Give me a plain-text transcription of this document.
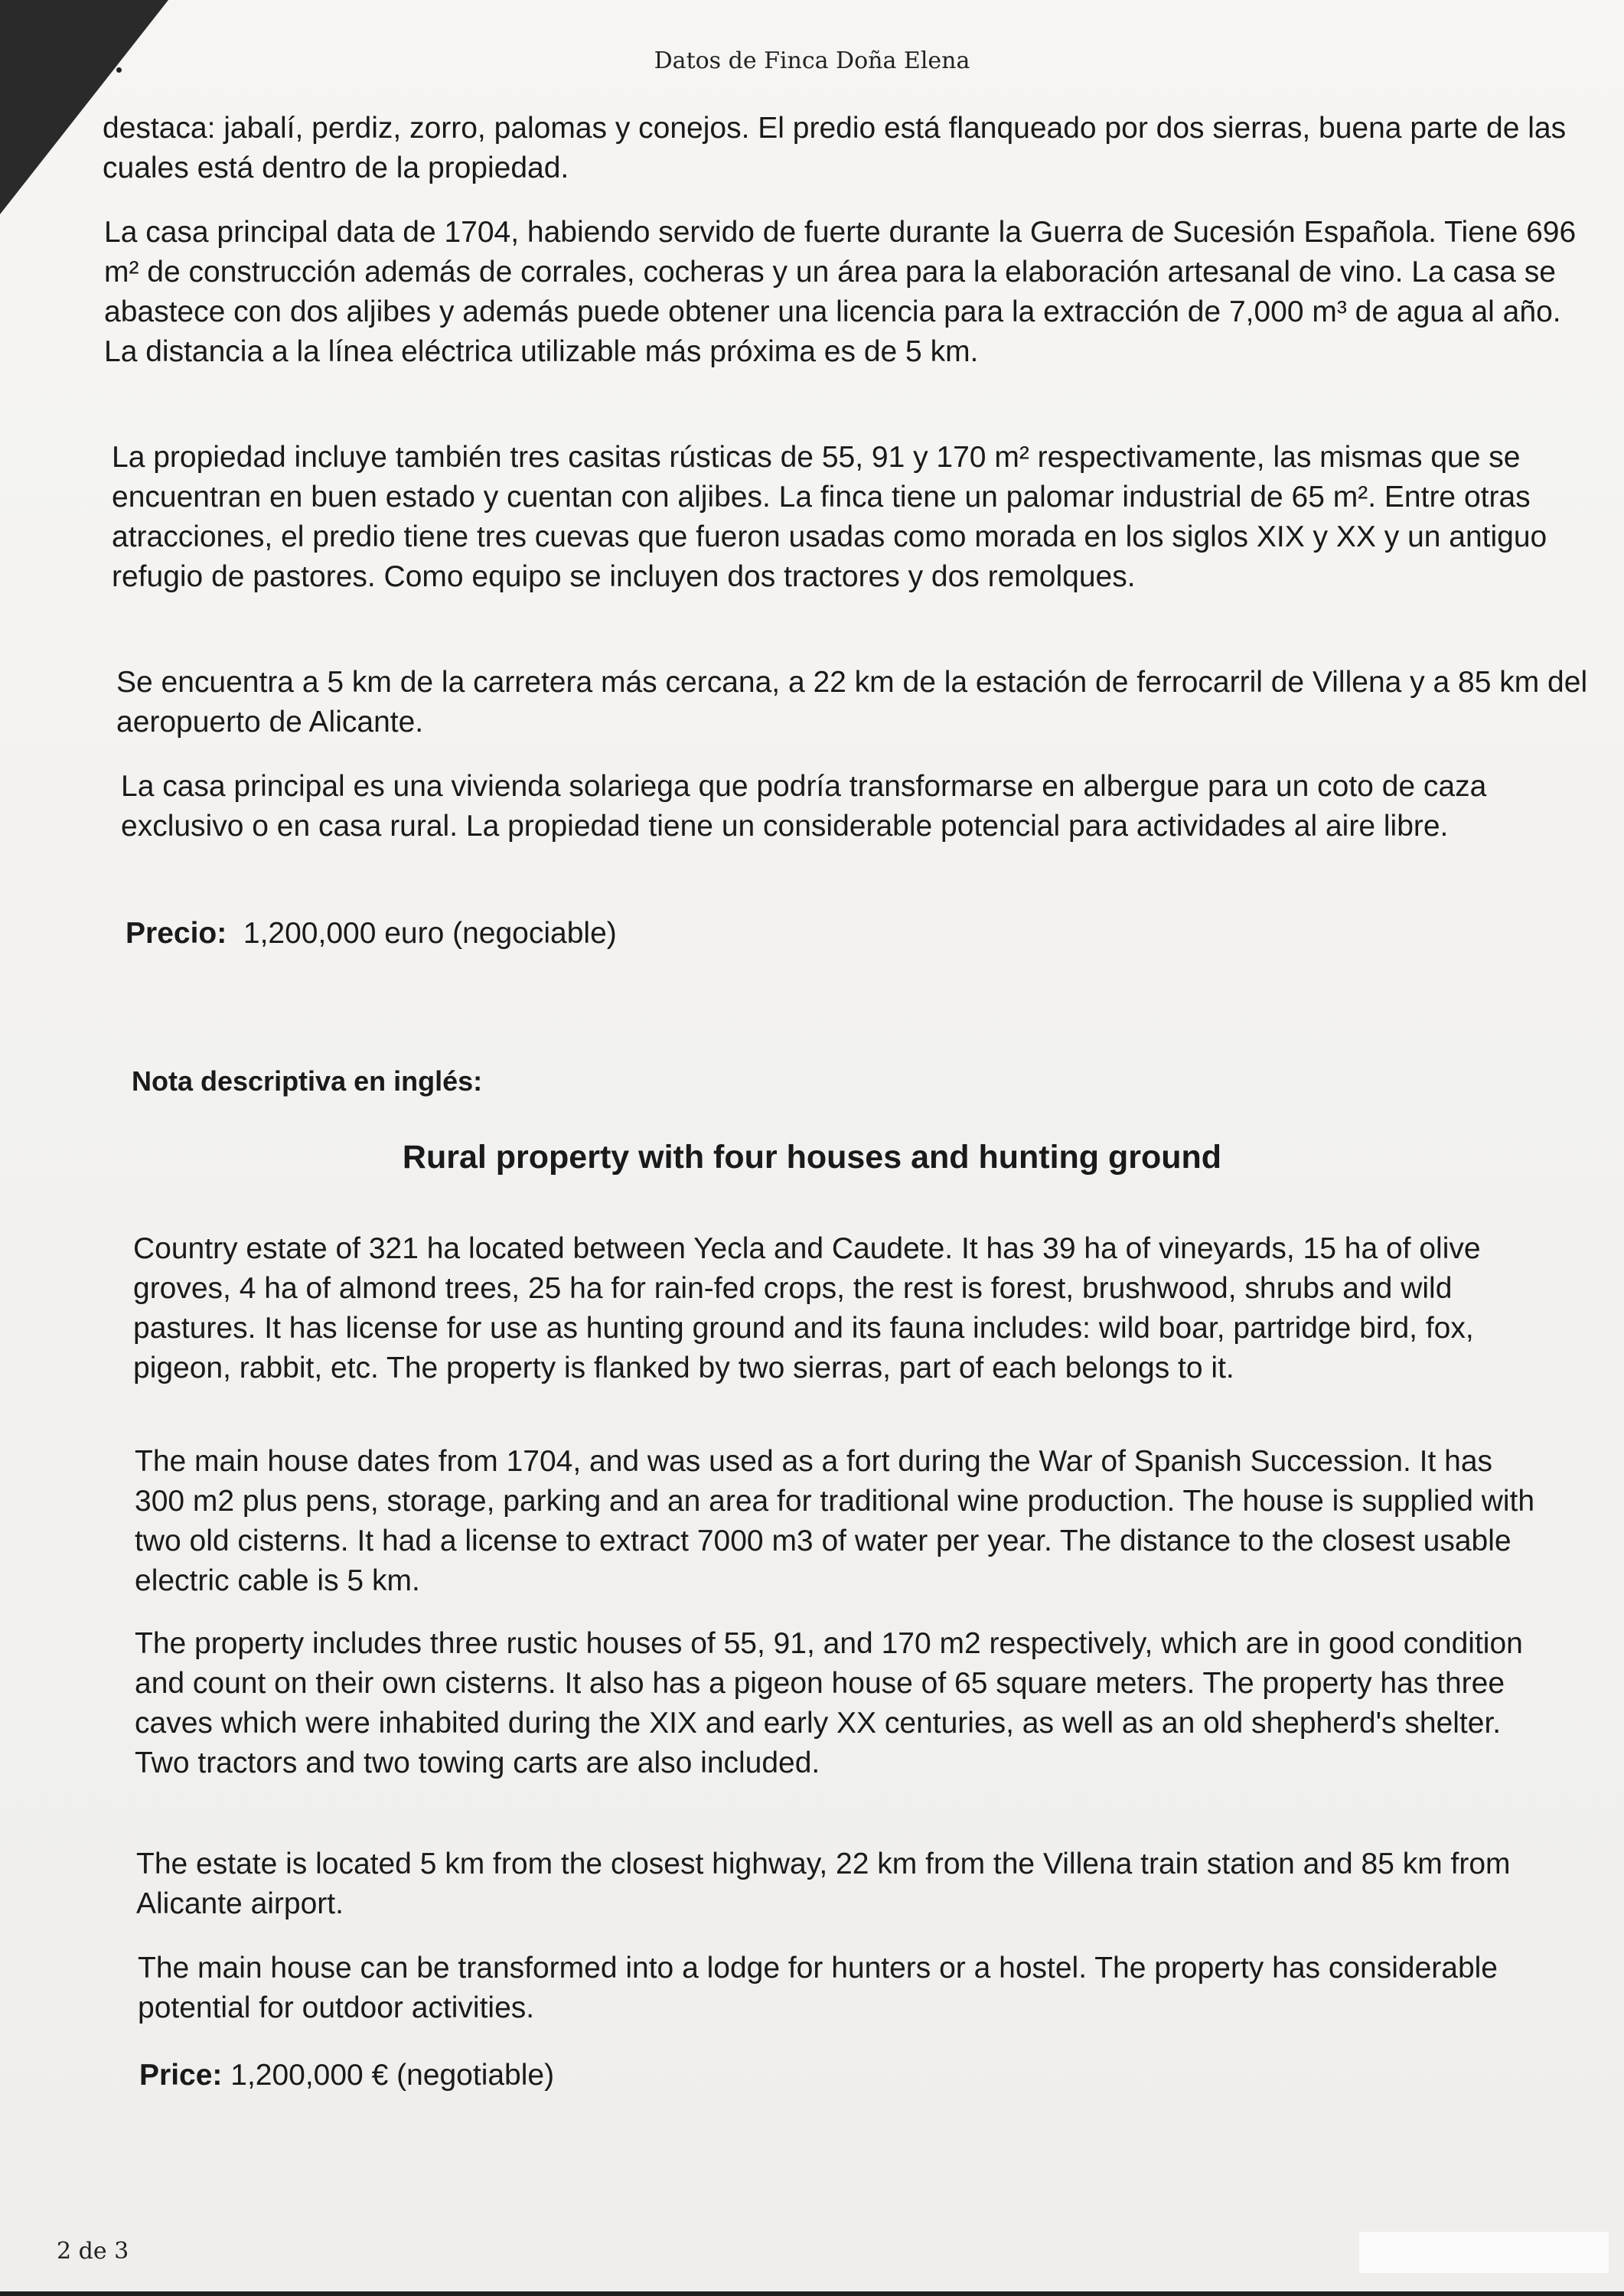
Datos de Finca Doña Elena

destaca: jabalí, perdiz, zorro, palomas y conejos. El predio está flanqueado por dos sierras, buena parte de las cuales está dentro de la propiedad.

La casa principal data de 1704, habiendo servido de fuerte durante la Guerra de Sucesión Española. Tiene 696 m² de construcción además de corrales, cocheras y un área para la elaboración artesanal de vino. La casa se abastece con dos aljibes y además puede obtener una licencia para la extracción de 7,000 m³ de agua al año. La distancia a la línea eléctrica utilizable más próxima es de 5 km.

La propiedad incluye también tres casitas rústicas de 55, 91 y 170 m² respectivamente, las mismas que se encuentran en buen estado y cuentan con aljibes. La finca tiene un palomar industrial de 65 m². Entre otras atracciones, el predio tiene tres cuevas que fueron usadas como morada en los siglos XIX y XX y un antiguo refugio de pastores. Como equipo se incluyen dos tractores y dos remolques.

Se encuentra a 5 km de la carretera más cercana, a 22 km de la estación de ferrocarril de Villena y a 85 km del aeropuerto de Alicante.

La casa principal es una vivienda solariega que podría transformarse en albergue para un coto de caza exclusivo o en casa rural. La propiedad tiene un considerable potencial para actividades al aire libre.

Precio: 1,200,000 euro (negociable)

Nota descriptiva en inglés:

Rural property with four houses and hunting ground

Country estate of 321 ha located between Yecla and Caudete. It has 39 ha of vineyards, 15 ha of olive groves, 4 ha of almond trees, 25 ha for rain-fed crops, the rest is forest, brushwood, shrubs and wild pastures. It has license for use as hunting ground and its fauna includes: wild boar, partridge bird, fox, pigeon, rabbit, etc. The property is flanked by two sierras, part of each belongs to it.

The main house dates from 1704, and was used as a fort during the War of Spanish Succession. It has 300 m2 plus pens, storage, parking and an area for traditional wine production. The house is supplied with two old cisterns. It had a license to extract 7000 m3 of water per year. The distance to the closest usable electric cable is 5 km.

The property includes three rustic houses of 55, 91, and 170 m2 respectively, which are in good condition and count on their own cisterns. It also has a pigeon house of 65 square meters. The property has three caves which were inhabited during the XIX and early XX centuries, as well as an old shepherd's shelter. Two tractors and two towing carts are also included.

The estate is located 5 km from the closest highway, 22 km from the Villena train station and 85 km from Alicante airport.

The main house can be transformed into a lodge for hunters or a hostel. The property has considerable potential for outdoor activities.

Price: 1,200,000 € (negotiable)

2 de 3
